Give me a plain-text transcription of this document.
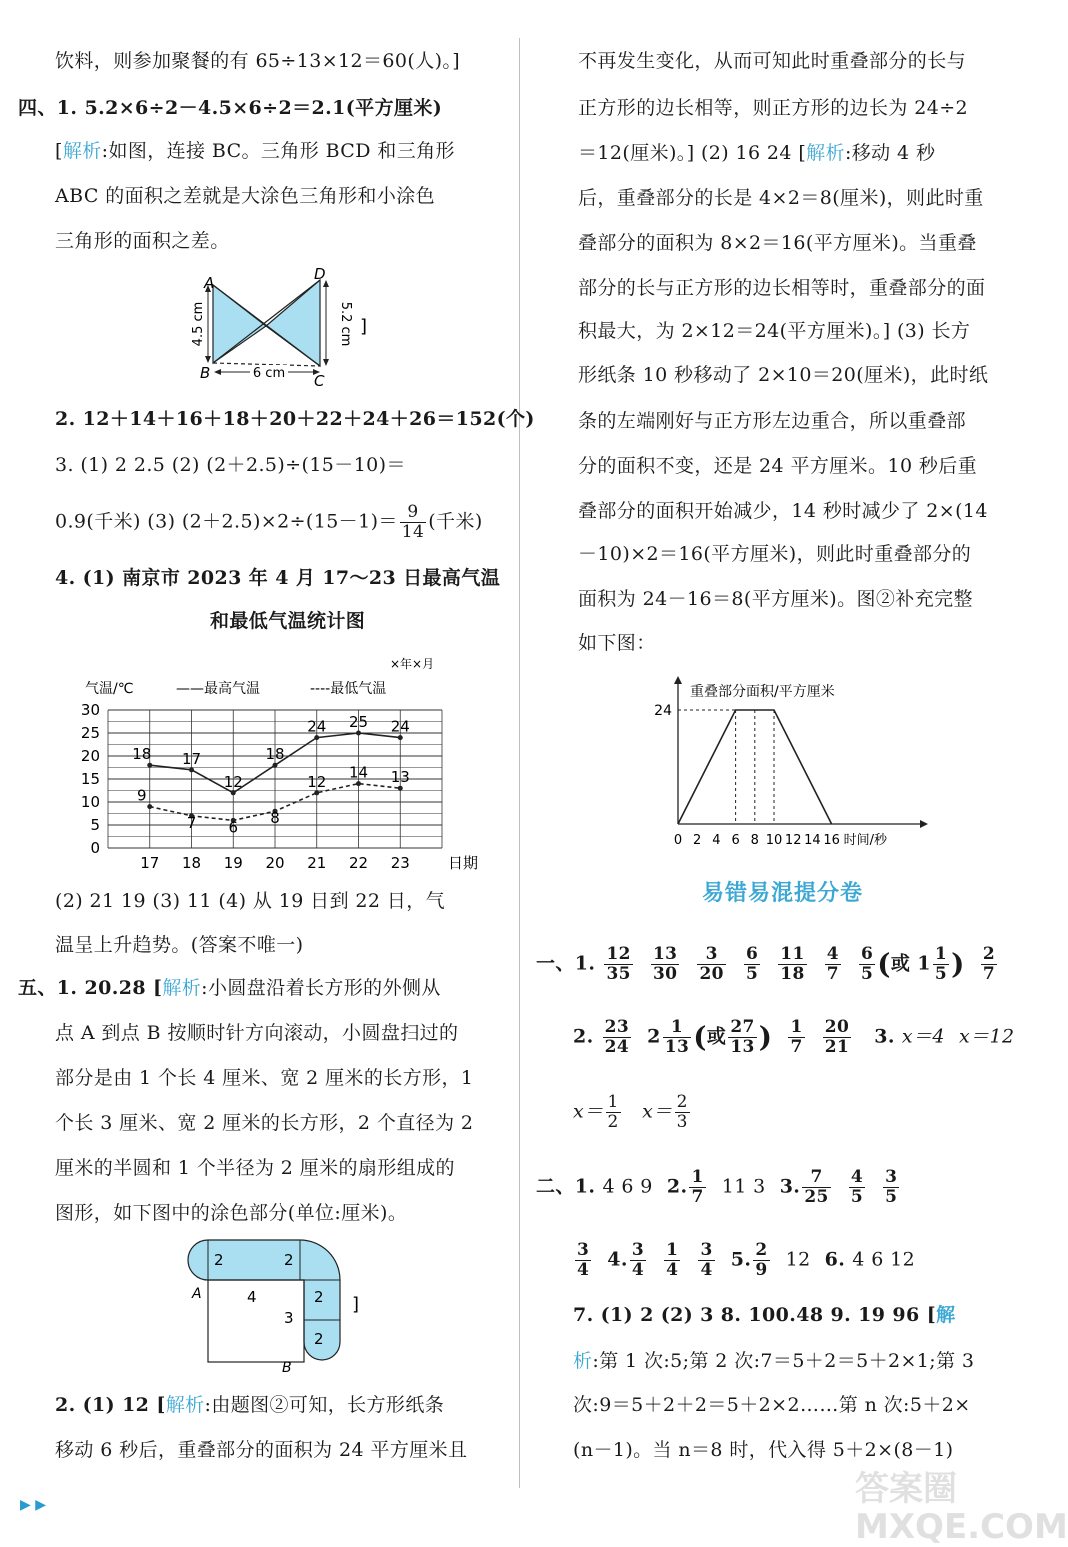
饮料，则参加聚餐的有 65÷13×12＝60(人)。]
四、1. 5.2×6÷2－4.5×6÷2＝2.1(平方厘米)
[解析:如图，连接 BC。三角形 BCD 和三角形
ABC 的面积之差就是大涂色三角形和小涂色
三角形的面积之差。
A
B	C
D
4.5 cm	5.2 cm
6 cm
]
2. 12＋14＋16＋18＋20＋22＋24＋26＝152(个)
3. (1) 2 2.5 (2) (2＋2.5)÷(15－10)＝
0.9(千米) (3) $(2+2.5)\times 2\div(15-1)= \frac{9}{14}$ (千米)
4. (1) 南京市 2023 年 4 月 17～23 日最高气温
和最低气温统计图
0
5
10
15
20
25
30
17 18 19 20 21 22 23	日期
气温/℃	——最高气温	----最低气温
×年×月
18 17
12
18
24 25 24
9
7 6
8
12
14 13
(2) 21 19 (3) 11 (4) 从 19 日到 22 日，气
温呈上升趋势。(答案不唯一)
五、1. 20.28 [解析:小圆盘沿着长方形的外侧从
点 A 到点 B 按顺时针方向滚动，小圆盘扫过的
部分是由 1 个长 4 厘米、宽 2 厘米的长方形，1
个长 3 厘米、宽 2 厘米的长方形，2 个直径为 2
厘米的半圆和 1 个半径为 2 厘米的扇形组成的
图形，如下图中的涂色部分(单位:厘米)。
2	2
4
3
2
2
A
B
]
2. (1) 12 [解析:由题图②可知，长方形纸条
移动 6 秒后，重叠部分的面积为 24 平方厘米且
不再发生变化，从而可知此时重叠部分的长与
正方形的边长相等，则正方形的边长为 24÷2
＝12(厘米)。] (2) 16 24 [解析:移动 4 秒
后，重叠部分的长是 4×2＝8(厘米)，则此时重
叠部分的面积为 8×2＝16(平方厘米)。当重叠
部分的长与正方形的边长相等时，重叠部分的面
积最大，为 2×12＝24(平方厘米)。] (3) 长方
形纸条 10 秒移动了 2×10＝20(厘米)，此时纸
条的左端刚好与正方形左边重合，所以重叠部
分的面积不变，还是 24 平方厘米。10 秒后重
叠部分的面积开始减少，14 秒时减少了 2×(14
－10)×2＝16(平方厘米)，则此时重叠部分的
面积为 24－16＝8(平方厘米)。图②补充完整
如下图：
24
0 2 4 6 8 10 12 14 16 时间/秒
重叠部分面积/平方厘米
易错易混提分卷
一、1. $\frac{12}{35}$
$\frac{13}{30}$
$\frac{3}{20}$
$\frac{6}{5}$
$\frac{11}{18}$
$\frac{4}{7}$
$\frac{6}{5}$ (或 $1 \frac{1}{5}$ ) $\frac{2}{7}$
2. $\frac{23}{24} 2 \frac{1}{13}$ (或 $\frac{27}{13}$ ) $\frac{1}{7}$
$\frac{20}{21} 3$. x＝4 x＝12
$x= \frac{1}{2} x= \frac{2}{3}$
二、1. 4 6 9 2. $\frac{1}{7} 11$ 3 3. $\frac{7}{25}$
$\frac{4}{5}$
$\frac{3}{5}$
$\frac{3}{4} 4$. $\frac{3}{4}$
$\frac{1}{4}$
$\frac{3}{4} 5$. $\frac{2}{9} 12$ 6. 4 6 12
7. (1) 2 (2) 3 8. 100.48 9. 19 96 [解
析:第 1 次:5;第 2 次:7＝5＋2＝5＋2×1;第 3
次:9＝5＋2＋2＝5＋2×2……第 n 次:5＋2×
(n－1)。当 n＝8 时，代入得 5＋2×(8－1)
▶ ▶	答案圈 MXQE.COM
